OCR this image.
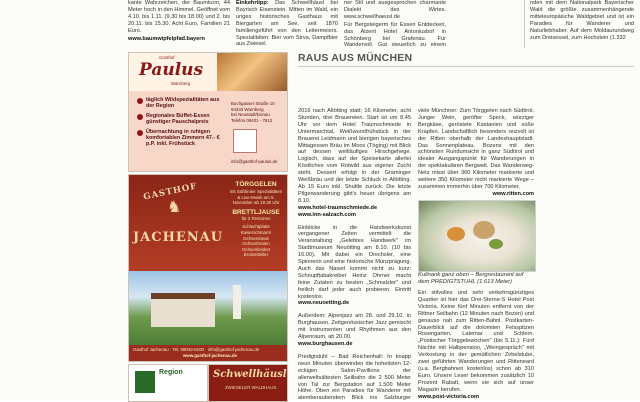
kante Wahrzeichen, der Baumturm, 44 Meter hoch in den Himmel. Geöffnet vom 4.10. bis 1.11. (9.30 bis 18.00) und 2. bis 20.11. bis 15.30. Acht Euro, Familien 21 Euro.
www.baumwipfelpfad.bayern
Einkehrtipp: Das Schwellhäusl bei Bayrisch Eisenstein. Mitten im Wald, ein uriges historisches Gasthaus mit Biergarten am See, seit 1870 familiengeführt von den Leitermeiers. Spezialitäten: Bier vom Strva, Dampfbier aus Zwiesel.
ner Stil und ausgesprochen charmante Dialekt des Wirtes. www.schwellhaeusl.de
Für Bergsteigerm für Essen Entdeckeri, das Alzent Hotel Antoniusbof in Schönberg bei Grafenau. Für Wandervoll. Gut steuerlich zu einem
nden mit dem Nationalpark Bayerischer Wald die größte zusammenhängende mitteleuropäische Waldgebiet und ist ein Paradies für Wanderer und Naturliebhaber. Auf dem Moldaurundweg zum Dreisessel, zum Hochstein (1.332
Gasthof
Paulus
Warnberg
täglich Wildspezialitäten aus der Region
Regionales Büffet-Essen günstiger Pauschalpreis
Übernachtung in ruhigen komfortablen Zimmern 47.- € p.P. inkl. Frühstück
Buchgasser Straße 10
94333 Warnberg
bei Neustadt/Donau
Telefon 09401 - 7812
info@gasthof-paulus.de
GASTHOF
♞
JACHENAU
TÖRGGELEN
mit Süßtiroler Spezialitäten & Live-Musik am 5. November ab 19.30 Uhr
BRETTLJAUSE
für 2 Personen
Schlachtplatte
Kaiserschmarrn
Ochsensteak
Ochsenbraten
Ochsenbrisket
Brotzeitteller
Gasthof Jachenau · Tel. 08043-9100 · info@gasthof-jachenau.de
www.gasthof-jachenau.de
Region	Schwellhäusl
ZWIESELER WALDHAUS
RAUS AUS MÜNCHEN
2016 nach Altötting statt; 16 Kilometer, acht Stunden, drei Brauereien. Start ist um 8.45 Uhr vor dem Hotel Traumschmiede in Untermarchtal, Weißwurstfrühstück in der Brauerei Leidmann und bierigen bayerisches Mittagessen Bräu im Moos (Töging) mit Blick auf dessen weitläufiges Hirschgehege. Logisch, dass auf der Speisekarte allerlei Köstliches vom Rotwild aus eigener Zucht steht. Dessert erfolgt in der Graminger Weißbräu und der letzte Schluck in Altötting. Ab 15 Euro inkl. Shuttle zurück. Die letzte Pilgerwanderung gibt's heuer übrigens am 8.10.
www.hotel-traumschmiede.de
www.inn-salzach.com
Einblicke in die Handwerkskunst vergangener Zeiten vermittelt die Veranstaltung „Gelebtes Handwerk" im Stadtmuseum Neuötting am 8.10. (10 bis 16.00). Mit dabei ein Drechsler, eine Spinnerin und eine historische Münzprägung. Auch das Naserl kommt nicht zu kurz: Schnupftabakreiber Heinz Ohrner macht feine Zutaten zu besten „Schmalzler" und freilich darf jeder auch probieren. Eintritt kostenlos.
www.neuoetting.de
Außerdem: Alpenjazz am 28. und 29.10. in Burghausen. Zeitgenössischer Jazz gemischt mit Instrumenten und Rhythmen aus den Alpenraum, ab 20.00.
www.burghausen.de
Predigtstuhl – Bad Reichenhall: In knapp neun Minuten überwinden die hoheitsten 12-eckigen Salon-Pavillons der allerweltsältesten Seilbahn die 2 500 Meter von Tal zur Bergstation auf 1.500 Meter Höhe. Oben ein Paradies für Wanderer mit atemberaubendem Blick ins Salzburger
viele Münchner: Zum Törggelen nach Südtirol. Junger Wein, geröfter Speck, würziger Bergkäse, geröstete Kastanien und süße Krapfen. Landschaftlich besonders reizvoll ist der Ritten oberhalb der Landeshauptstadt. Das Sonnenplateau. Bozens mit den schönsten Rundumsicht in ganz Südtirol und idealer Ausgangspunkt für Wanderungen in der spektakulären Bergwelt. Das Wanderweg-Netz misst über 360 Kilometer markierte und weitere 350 Kilometer nicht markierte Wege – zusammen immerhin über 700 Kilometer.
www.ritten.com
Kulinarik ganz oben – Bergrestaurant auf dem PREDIGTSTUHL (1.613 Meter)
Ein stilvolles und sehr verkehrsgünstiges Quartier ist hier das Drei-Sterne-S Hotel Post Victoria. Keine fünf Minuten entfernt von der Rittner Seilbahn (12 Minuten nach Bozen) und genauso nah zum Ritten-Bahnl. Postkarten-Dauerblick auf die dolomiten Felsspitzen Rosengarten, Latemar und Schlern. „Postischer Törggelewochen" (bis 5.11.): Fünf Nächte mit Halbpension, „Weingespräch" mit Verkostung in der gemütlichen Zirbelstube, zwei geführten Wanderungen und Ritteneard (u.a. Bergbahnen kostenlos) schon ab 310 Euro. Unsere Leser bekommen zusätzlich 10 Prozent Rabatt, wenn sie sich auf unser Magazin berufen.
www.post-victoria.com
